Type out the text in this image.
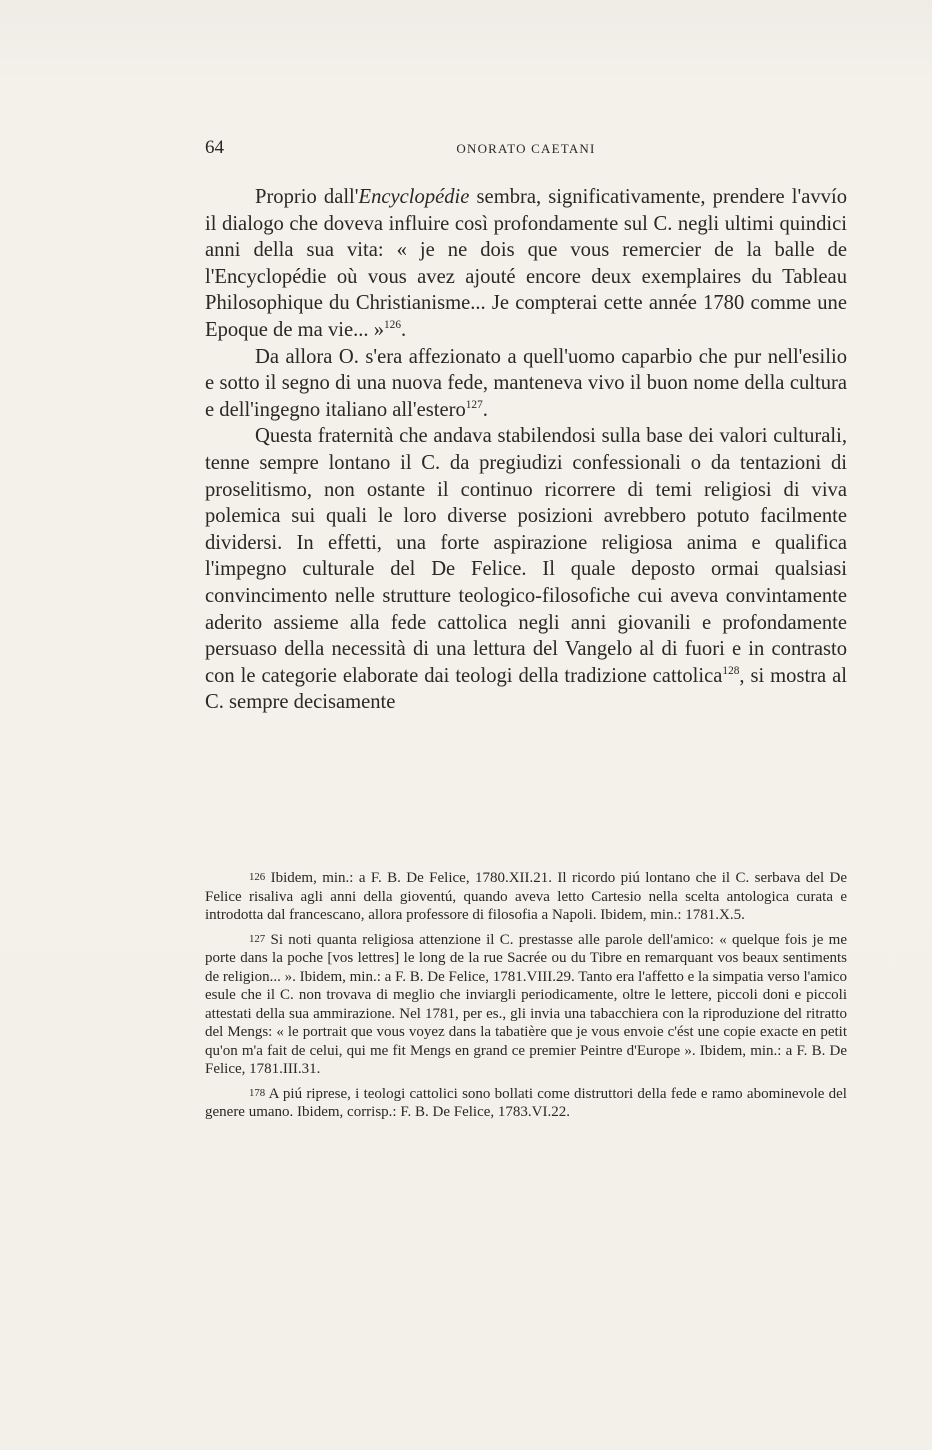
64	ONORATO CAETANI

Proprio dall'Encyclopédie sembra, significativamente, prendere l'avvío il dialogo che doveva influire così profondamente sul C. negli ultimi quindici anni della sua vita: « je ne dois que vous remercier de la balle de l'Encyclopédie où vous avez ajouté encore deux exemplaires du Tableau Philosophique du Christianisme... Je compterai cette année 1780 comme une Epoque de ma vie... »$^{126}$.

Da allora O. s'era affezionato a quell'uomo caparbio che pur nell'esilio e sotto il segno di una nuova fede, manteneva vivo il buon nome della cultura e dell'ingegno italiano all'estero$^{127}$.

Questa fraternità che andava stabilendosi sulla base dei valori culturali, tenne sempre lontano il C. da pregiudizi confessionali o da tentazioni di proselitismo, non ostante il continuo ricorrere di temi religiosi di viva polemica sui quali le loro diverse posizioni avrebbero potuto facilmente dividersi. In effetti, una forte aspirazione religiosa anima e qualifica l'impegno culturale del De Felice. Il quale deposto ormai qualsiasi convincimento nelle strutture teologico-filosofiche cui aveva convintamente aderito assieme alla fede cattolica negli anni giovanili e profondamente persuaso della necessità di una lettura del Vangelo al di fuori e in contrasto con le categorie elaborate dai teologi della tradizione cattolica$^{128}$, si mostra al C. sempre decisamente

126 Ibidem, min.: a F. B. De Felice, 1780.XII.21. Il ricordo piú lontano che il C. serbava del De Felice risaliva agli anni della gioventú, quando aveva letto Cartesio nella scelta antologica curata e introdotta dal francescano, allora professore di filosofia a Napoli. Ibidem, min.: 1781.X.5.

127 Si noti quanta religiosa attenzione il C. prestasse alle parole dell'amico: « quelque fois je me porte dans la poche [vos lettres] le long de la rue Sacrée ou du Tibre en remarquant vos beaux sentiments de religion... ». Ibidem, min.: a F. B. De Felice, 1781.VIII.29. Tanto era l'affetto e la simpatia verso l'amico esule che il C. non trovava di meglio che inviargli periodicamente, oltre le lettere, piccoli doni e piccoli attestati della sua ammirazione. Nel 1781, per es., gli invia una tabacchiera con la riproduzione del ritratto del Mengs: « le portrait que vous voyez dans la tabatière que je vous envoie c'ést une copie exacte en petit qu'on m'a fait de celui, qui me fit Mengs en grand ce premier Peintre d'Europe ». Ibidem, min.: a F. B. De Felice, 1781.III.31.

178 A piú riprese, i teologi cattolici sono bollati come distruttori della fede e ramo abominevole del genere umano. Ibidem, corrisp.: F. B. De Felice, 1783.VI.22.
